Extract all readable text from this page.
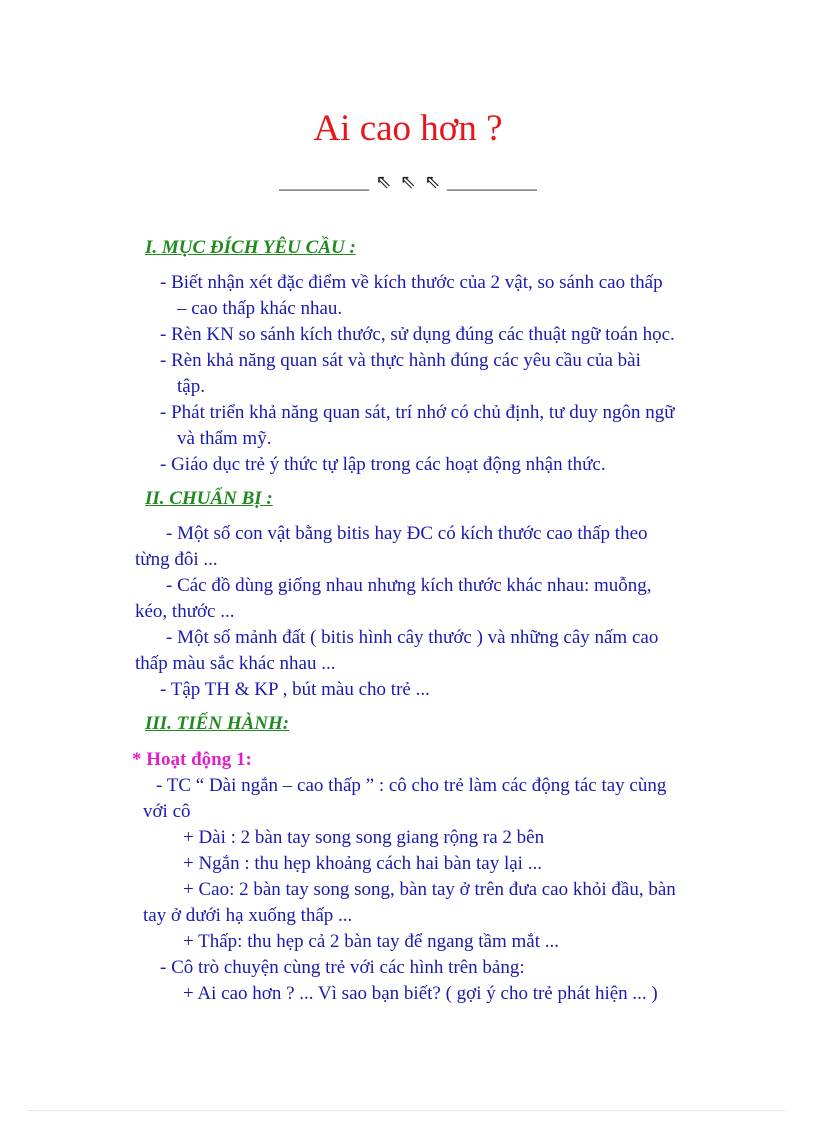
Ai cao hơn ?
__________ ⇖ ⇖ ⇖ __________
I. MỤC ĐÍCH YÊU CẦU :
- Biết nhận xét đặc điểm về kích thước của 2 vật, so sánh cao thấp
– cao thấp khác nhau.
- Rèn KN so sánh kích thước, sử dụng đúng các thuật ngữ toán học.
- Rèn khả năng quan sát và thực hành đúng các yêu cầu của bài
tập.
- Phát triển khả năng quan sát, trí nhớ có chủ định, tư duy ngôn ngữ
và thẩm mỹ.
- Giáo dục trẻ ý thức tự lập trong các hoạt động nhận thức.
II. CHUẨN BỊ :
- Một số con vật bằng bitis hay ĐC có kích thước cao thấp theo
từng đôi ...
- Các đồ dùng giống nhau nhưng kích thước khác nhau: muỗng,
kéo, thước ...
- Một số mảnh đất ( bitis hình cây thước ) và những cây nấm cao
thấp màu sắc khác nhau ...
- Tập TH & KP , bút màu cho trẻ ...
III. TIẾN HÀNH:
* Hoạt động 1:
- TC “ Dài ngắn – cao thấp ” : cô cho trẻ làm các động tác tay cùng
với cô
+ Dài : 2 bàn tay song song giang rộng ra 2 bên
+ Ngắn : thu hẹp khoảng cách hai bàn tay lại ...
+ Cao: 2 bàn tay song song, bàn tay ở trên đưa cao khỏi đầu, bàn
tay ở dưới hạ xuống thấp ...
+ Thấp: thu hẹp cả 2 bàn tay để ngang tầm mắt ...
- Cô trò chuyện cùng trẻ với các hình trên bảng:
+ Ai cao hơn ? ... Vì sao bạn biết? ( gợi ý cho trẻ phát hiện ... )
